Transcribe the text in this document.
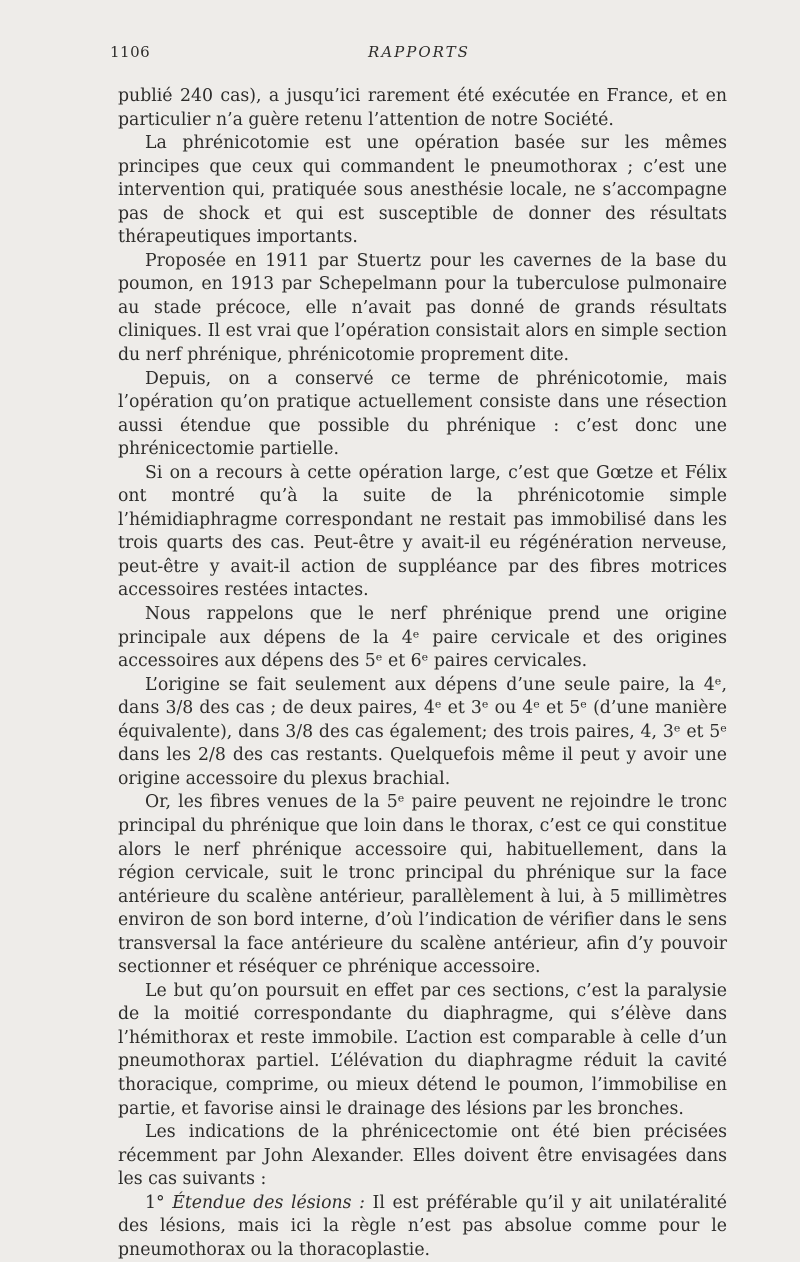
1106	RAPPORTS

publié 240 cas), a jusqu’ici rarement été exécutée en France, et en particulier n’a guère retenu l’attention de notre Société.

La phrénicotomie est une opération basée sur les mêmes principes que ceux qui commandent le pneumothorax ; c’est une intervention qui, pratiquée sous anesthésie locale, ne s’accompagne pas de shock et qui est susceptible de donner des résultats thérapeutiques importants.

Proposée en 1911 par Stuertz pour les cavernes de la base du poumon, en 1913 par Schepelmann pour la tuberculose pulmonaire au stade précoce, elle n’avait pas donné de grands résultats cliniques. Il est vrai que l’opération consistait alors en simple section du nerf phrénique, phrénicotomie proprement dite.

Depuis, on a conservé ce terme de phrénicotomie, mais l’opération qu’on pratique actuellement consiste dans une résection aussi étendue que possible du phrénique : c’est donc une phrénicectomie partielle.

Si on a recours à cette opération large, c’est que Gœtze et Félix ont montré qu’à la suite de la phrénicotomie simple l’hémidiaphragme correspondant ne restait pas immobilisé dans les trois quarts des cas. Peut-être y avait-il eu régénération nerveuse, peut-être y avait-il action de suppléance par des fibres motrices accessoires restées intactes.

Nous rappelons que le nerf phrénique prend une origine principale aux dépens de la 4ᵉ paire cervicale et des origines accessoires aux dépens des 5ᵉ et 6ᵉ paires cervicales.

L’origine se fait seulement aux dépens d’une seule paire, la 4ᵉ, dans 3/8 des cas ; de deux paires, 4ᵉ et 3ᵉ ou 4ᵉ et 5ᵉ (d’une manière équivalente), dans 3/8 des cas également; des trois paires, 4, 3ᵉ et 5ᵉ dans les 2/8 des cas restants. Quelquefois même il peut y avoir une origine accessoire du plexus brachial.

Or, les fibres venues de la 5ᵉ paire peuvent ne rejoindre le tronc principal du phrénique que loin dans le thorax, c’est ce qui constitue alors le nerf phrénique accessoire qui, habituellement, dans la région cervicale, suit le tronc principal du phrénique sur la face antérieure du scalène antérieur, parallèlement à lui, à 5 millimètres environ de son bord interne, d’où l’indication de vérifier dans le sens transversal la face antérieure du scalène antérieur, afin d’y pouvoir sectionner et réséquer ce phrénique accessoire.

Le but qu’on poursuit en effet par ces sections, c’est la paralysie de la moitié correspondante du diaphragme, qui s’élève dans l’hémithorax et reste immobile. L’action est comparable à celle d’un pneumothorax partiel. L’élévation du diaphragme réduit la cavité thoracique, comprime, ou mieux détend le poumon, l’immobilise en partie, et favorise ainsi le drainage des lésions par les bronches.

Les indications de la phrénicectomie ont été bien précisées récemment par John Alexander. Elles doivent être envisagées dans les cas suivants :

1° Étendue des lésions : Il est préférable qu’il y ait unilatéralité des lésions, mais ici la règle n’est pas absolue comme pour le pneumothorax ou la thoracoplastie.
